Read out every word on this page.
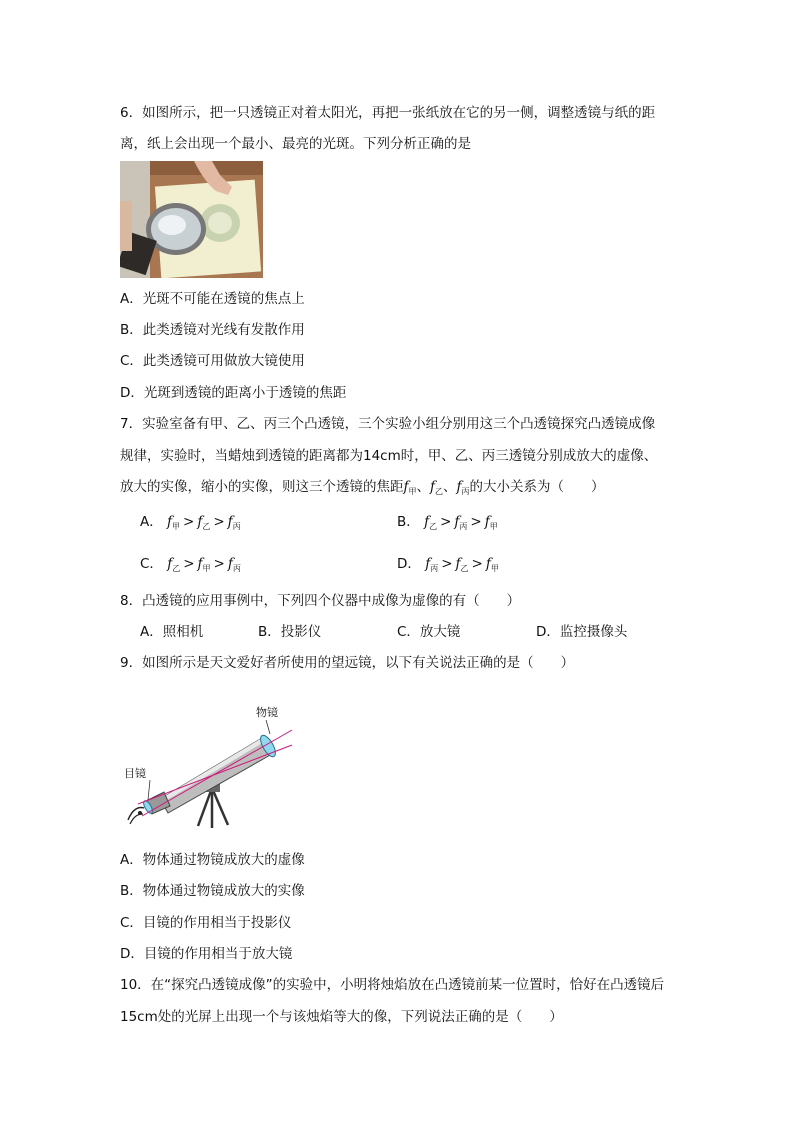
6．如图所示，把一只透镜正对着太阳光，再把一张纸放在它的另一侧，调整透镜与纸的距
离，纸上会出现一个最小、最亮的光斑。下列分析正确的是
A．光斑不可能在透镜的焦点上
B．此类透镜对光线有发散作用
C．此类透镜可用做放大镜使用
D．光斑到透镜的距离小于透镜的焦距
7．实验室备有甲、乙、丙三个凸透镜，三个实验小组分别用这三个凸透镜探究凸透镜成像
规律，实验时，当蜡烛到透镜的距离都为14cm时，甲、乙、丙三透镜分别成放大的虚像、
放大的实像，缩小的实像，则这三个透镜的焦距$f_甲$、$f_乙$、$f_丙$的大小关系为（　　）
A． $f_甲 > f_乙 > f_丙$	B． $f_乙 > f_丙 > f_甲$
C． $f_乙 > f_甲 > f_丙$	D． $f_丙 > f_乙 > f_甲$
8．凸透镜的应用事例中，下列四个仪器中成像为虚像的有（　　）
A．照相机	B．投影仪	C．放大镜	D．监控摄像头
9．如图所示是天文爱好者所使用的望远镜，以下有关说法正确的是（　　）
物镜
目镜
A．物体通过物镜成放大的虚像
B．物体通过物镜成放大的实像
C．目镜的作用相当于投影仪
D．目镜的作用相当于放大镜
10．在“探究凸透镜成像”的实验中，小明将烛焰放在凸透镜前某一位置时，恰好在凸透镜后
15cm处的光屏上出现一个与该烛焰等大的像，下列说法正确的是（　　）
